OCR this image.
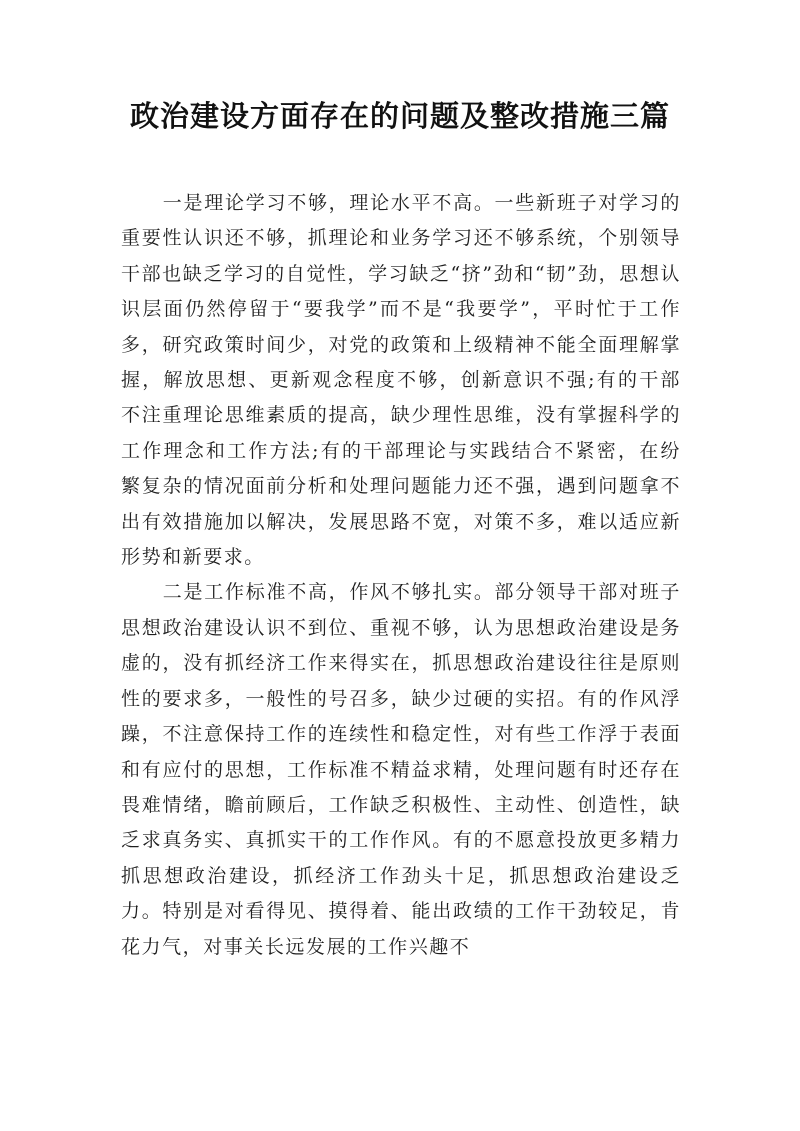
政治建设方面存在的问题及整改措施三篇

一是理论学习不够，理论水平不高。一些新班子对学习的重要性认识还不够，抓理论和业务学习还不够系统，个别领导干部也缺乏学习的自觉性，学习缺乏“挤”劲和“韧”劲，思想认识层面仍然停留于“要我学”而不是“我要学”，平时忙于工作多，研究政策时间少，对党的政策和上级精神不能全面理解掌握，解放思想、更新观念程度不够，创新意识不强;有的干部不注重理论思维素质的提高，缺少理性思维，没有掌握科学的工作理念和工作方法;有的干部理论与实践结合不紧密，在纷繁复杂的情况面前分析和处理问题能力还不强，遇到问题拿不出有效措施加以解决，发展思路不宽，对策不多，难以适应新形势和新要求。

二是工作标准不高，作风不够扎实。部分领导干部对班子思想政治建设认识不到位、重视不够，认为思想政治建设是务虚的，没有抓经济工作来得实在，抓思想政治建设往往是原则性的要求多，一般性的号召多，缺少过硬的实招。有的作风浮躁，不注意保持工作的连续性和稳定性，对有些工作浮于表面和有应付的思想，工作标准不精益求精，处理问题有时还存在畏难情绪，瞻前顾后，工作缺乏积极性、主动性、创造性，缺乏求真务实、真抓实干的工作作风。有的不愿意投放更多精力抓思想政治建设，抓经济工作劲头十足，抓思想政治建设乏力。特别是对看得见、摸得着、能出政绩的工作干劲较足，肯花力气，对事关长远发展的工作兴趣不
